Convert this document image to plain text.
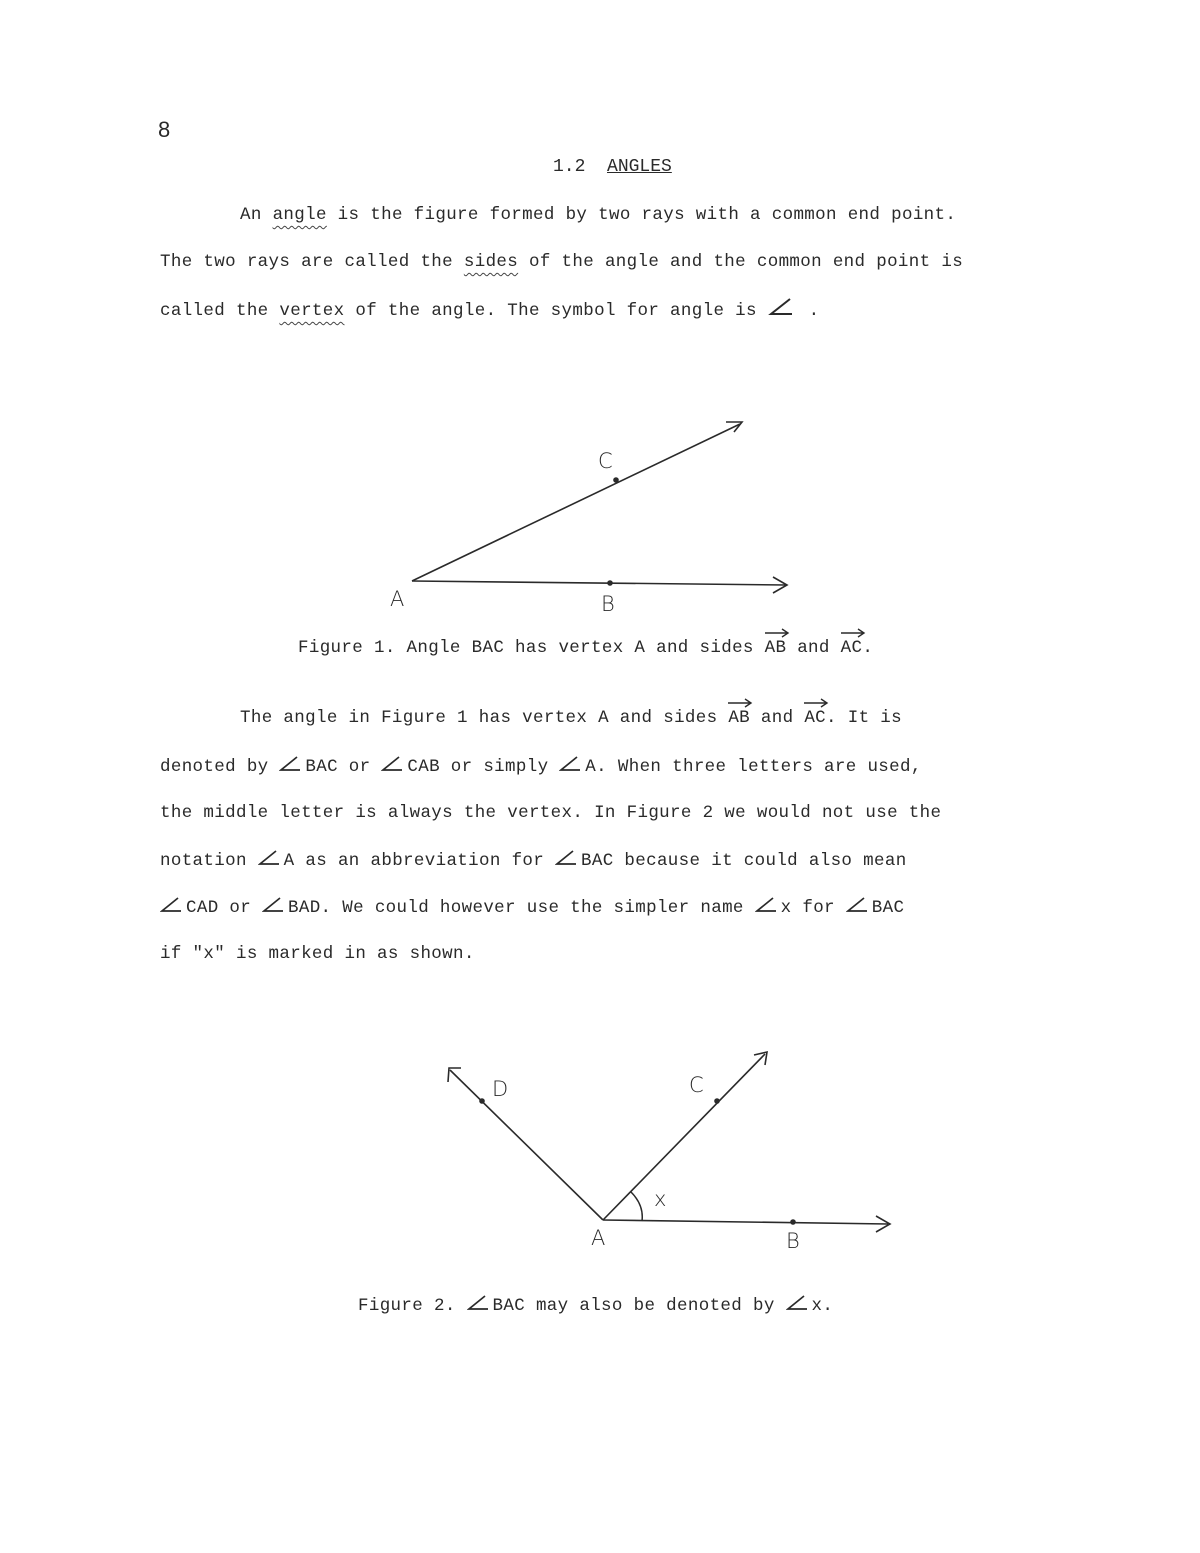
8
1.2 ANGLES
An angle is the figure formed by two rays with a common end point.
The two rays are called the sides of the angle and the common end point is
called the vertex of the angle. The symbol for angle is
.
A	B
C
Figure 1. Angle BAC has vertex A and sides
AB and
AC.
The angle in Figure 1 has vertex A and sides
AB and
AC. It is
denoted by
BAC or
CAB or simply
A. When three letters are used,
the middle letter is always the vertex. In Figure 2 we would not use the
notation
A as an abbreviation for
BAC because it could also mean
CAD or
BAD. We could however use the simpler name
x for
BAC
if "x" is marked in as shown.
A	B
C
D
x
Figure 2.
BAC may also be denoted by
x.
